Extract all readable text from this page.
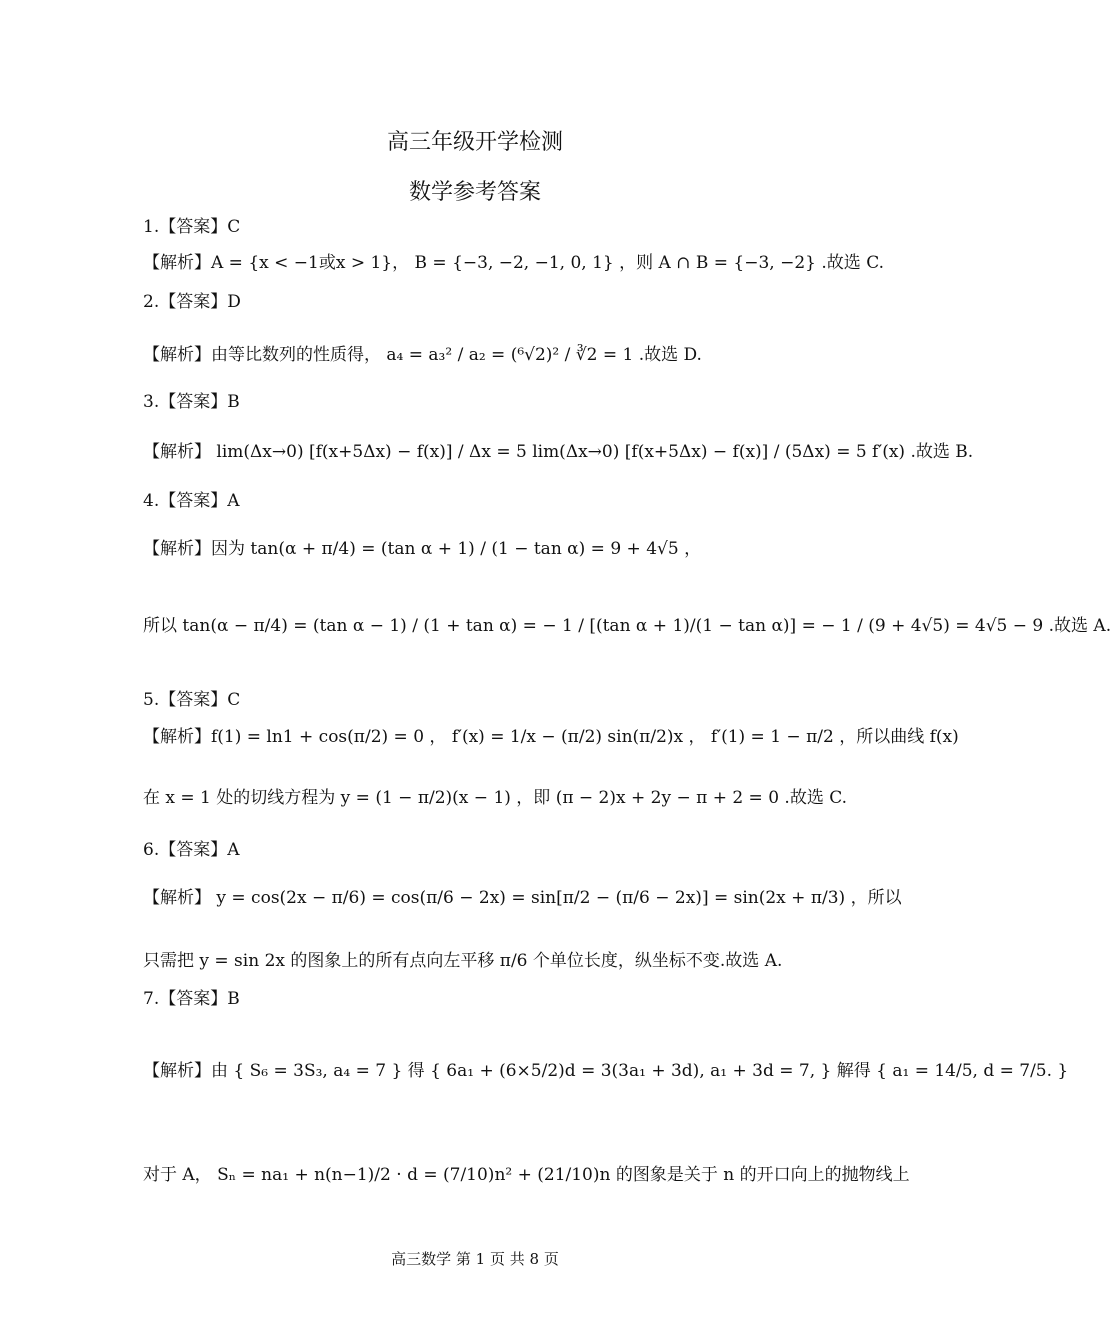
高三年级开学检测
数学参考答案
1.【答案】C
【解析】A = {x < −1或x > 1}， B = {−3, −2, −1, 0, 1} ，则 A ∩ B = {−3, −2} .故选 C.
2.【答案】D
【解析】由等比数列的性质得， a₄ = a₃² / a₂ = (⁶√2)² / ∛2 = 1 .故选 D.
3.【答案】B
【解析】 lim(Δx→0) [f(x+5Δx) − f(x)] / Δx = 5 lim(Δx→0) [f(x+5Δx) − f(x)] / (5Δx) = 5 f′(x) .故选 B.
4.【答案】A
【解析】因为 tan(α + π/4) = (tan α + 1) / (1 − tan α) = 9 + 4√5 ，
所以 tan(α − π/4) = (tan α − 1) / (1 + tan α) = − 1 / [(tan α + 1)/(1 − tan α)] = − 1 / (9 + 4√5) = 4√5 − 9 .故选 A.
5.【答案】C
【解析】f(1) = ln1 + cos(π/2) = 0 ， f′(x) = 1/x − (π/2) sin(π/2)x ， f′(1) = 1 − π/2 ，所以曲线 f(x)
在 x = 1 处的切线方程为 y = (1 − π/2)(x − 1) ，即 (π − 2)x + 2y − π + 2 = 0 .故选 C.
6.【答案】A
【解析】 y = cos(2x − π/6) = cos(π/6 − 2x) = sin[π/2 − (π/6 − 2x)] = sin(2x + π/3) ，所以
只需把 y = sin 2x 的图象上的所有点向左平移 π/6 个单位长度，纵坐标不变.故选 A.
7.【答案】B
【解析】由 { S₆ = 3S₃, a₄ = 7 } 得 { 6a₁ + (6×5/2)d = 3(3a₁ + 3d), a₁ + 3d = 7, } 解得 { a₁ = 14/5, d = 7/5. }
对于 A， Sₙ = na₁ + n(n−1)/2 · d = (7/10)n² + (21/10)n 的图象是关于 n 的开口向上的抛物线上
高三数学 第 1 页 共 8 页
